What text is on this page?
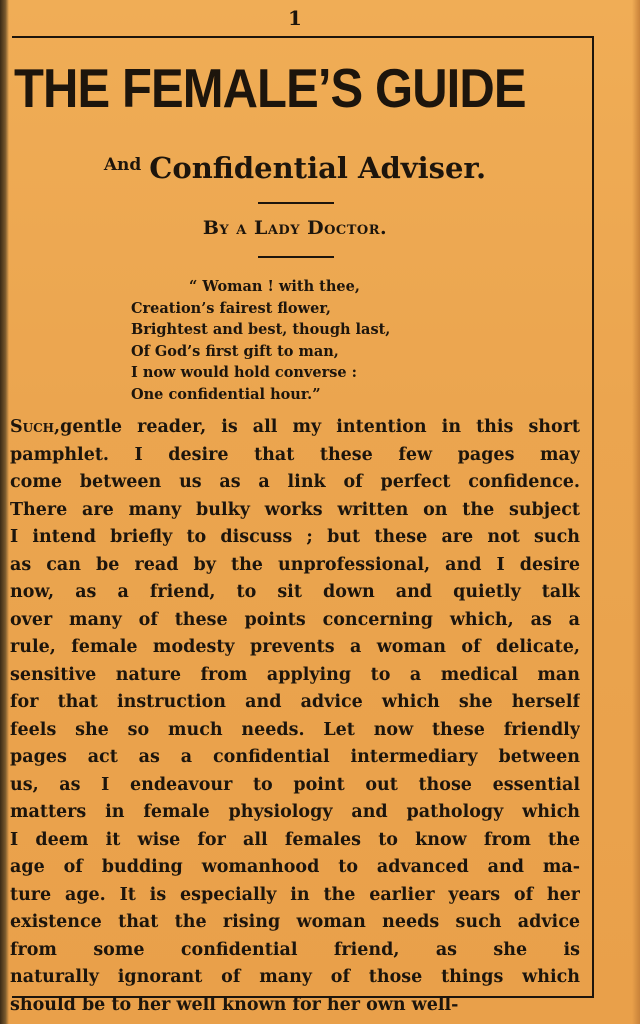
1
THE FEMALE’S GUIDE
And Confidential Adviser.
By a Lady Doctor.
“ Woman ! with thee,
Creation’s fairest flower,
Brightest and best, though last,
Of God’s first gift to man,
I now would hold converse :
One confidential hour.”
Such,gentle reader, is all my intention in this short
pamphlet. I desire that these few pages may
come between us as a link of perfect confidence.
There are many bulky works written on the subject
I intend briefly to discuss ; but these are not such
as can be read by the unprofessional, and I desire
now, as a friend, to sit down and quietly talk
over many of these points concerning which, as a
rule, female modesty prevents a woman of delicate,
sensitive nature from applying to a medical man
for that instruction and advice which she herself
feels she so much needs. Let now these friendly
pages act as a confidential intermediary between
us, as I endeavour to point out those essential
matters in female physiology and pathology which
I deem it wise for all females to know from the
age of budding womanhood to advanced and ma-
ture age. It is especially in the earlier years of her
existence that the rising woman needs such advice
from some confidential friend, as she is
naturally ignorant of many of those things which
should be to her well known for her own well-
